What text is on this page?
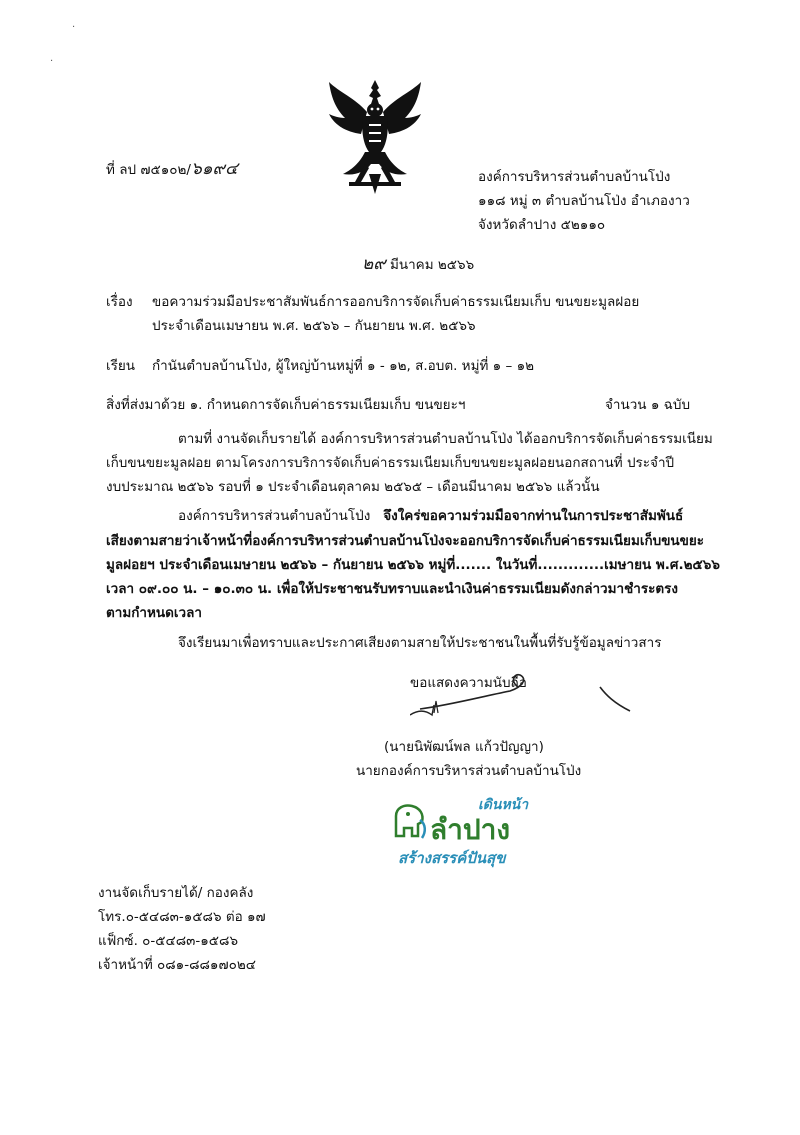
ที่ ลป ๗๕๑๐๒/๖๑๙๔	องค์การบริหารส่วนตำบลบ้านโป่ง
๑๑๘ หมู่ ๓ ตำบลบ้านโป่ง อำเภองาว
จังหวัดลำปาง ๕๒๑๑๐
๒๙ มีนาคม ๒๕๖๖
เรื่อง ขอความร่วมมือประชาสัมพันธ์การออกบริการจัดเก็บค่าธรรมเนียมเก็บ ขนขยะมูลฝอย
ประจำเดือนเมษายน พ.ศ. ๒๕๖๖ – กันยายน พ.ศ. ๒๕๖๖
เรียน กำนันตำบลบ้านโป่ง, ผู้ใหญ่บ้านหมู่ที่ ๑ - ๑๒, ส.อบต. หมู่ที่ ๑ – ๑๒
สิ่งที่ส่งมาด้วย ๑. กำหนดการจัดเก็บค่าธรรมเนียมเก็บ ขนขยะฯ	จำนวน ๑ ฉบับ
ตามที่ งานจัดเก็บรายได้ องค์การบริหารส่วนตำบลบ้านโป่ง ได้ออกบริการจัดเก็บค่าธรรมเนียม
เก็บขนขยะมูลฝอย ตามโครงการบริการจัดเก็บค่าธรรมเนียมเก็บขนขยะมูลฝอยนอกสถานที่ ประจำปี
งบประมาณ ๒๕๖๖ รอบที่ ๑ ประจำเดือนตุลาคม ๒๕๖๕ – เดือนมีนาคม ๒๕๖๖ แล้วนั้น
องค์การบริหารส่วนตำบลบ้านโป่ง จึงใคร่ขอความร่วมมือจากท่านในการประชาสัมพันธ์
เสียงตามสายว่าเจ้าหน้าที่องค์การบริหารส่วนตำบลบ้านโป่งจะออกบริการจัดเก็บค่าธรรมเนียมเก็บขนขยะ
มูลฝอยฯ ประจำเดือนเมษายน ๒๕๖๖ – กันยายน ๒๕๖๖ หมู่ที่....... ในวันที่.............เมษายน พ.ศ.๒๕๖๖
เวลา ๐๙.๐๐ น. – ๑๐.๓๐ น. เพื่อให้ประชาชนรับทราบและนำเงินค่าธรรมเนียมดังกล่าวมาชำระตรง
ตามกำหนดเวลา
จึงเรียนมาเพื่อทราบและประกาศเสียงตามสายให้ประชาชนในพื้นที่รับรู้ข้อมูลข่าวสาร
ขอแสดงความนับถือ
(นายนิพัฒน์พล แก้วปัญญา)
นายกองค์การบริหารส่วนตำบลบ้านโป่ง
เดินหน้า
ลำปาง
สร้างสรรค์ปันสุข
งานจัดเก็บรายได้/ กองคลัง
โทร.๐-๕๔๘๓-๑๕๘๖ ต่อ ๑๗
แฟ็กซ์. ๐-๕๔๘๓-๑๕๘๖
เจ้าหน้าที่ ๐๘๑-๘๘๑๗๐๒๔
·
·
